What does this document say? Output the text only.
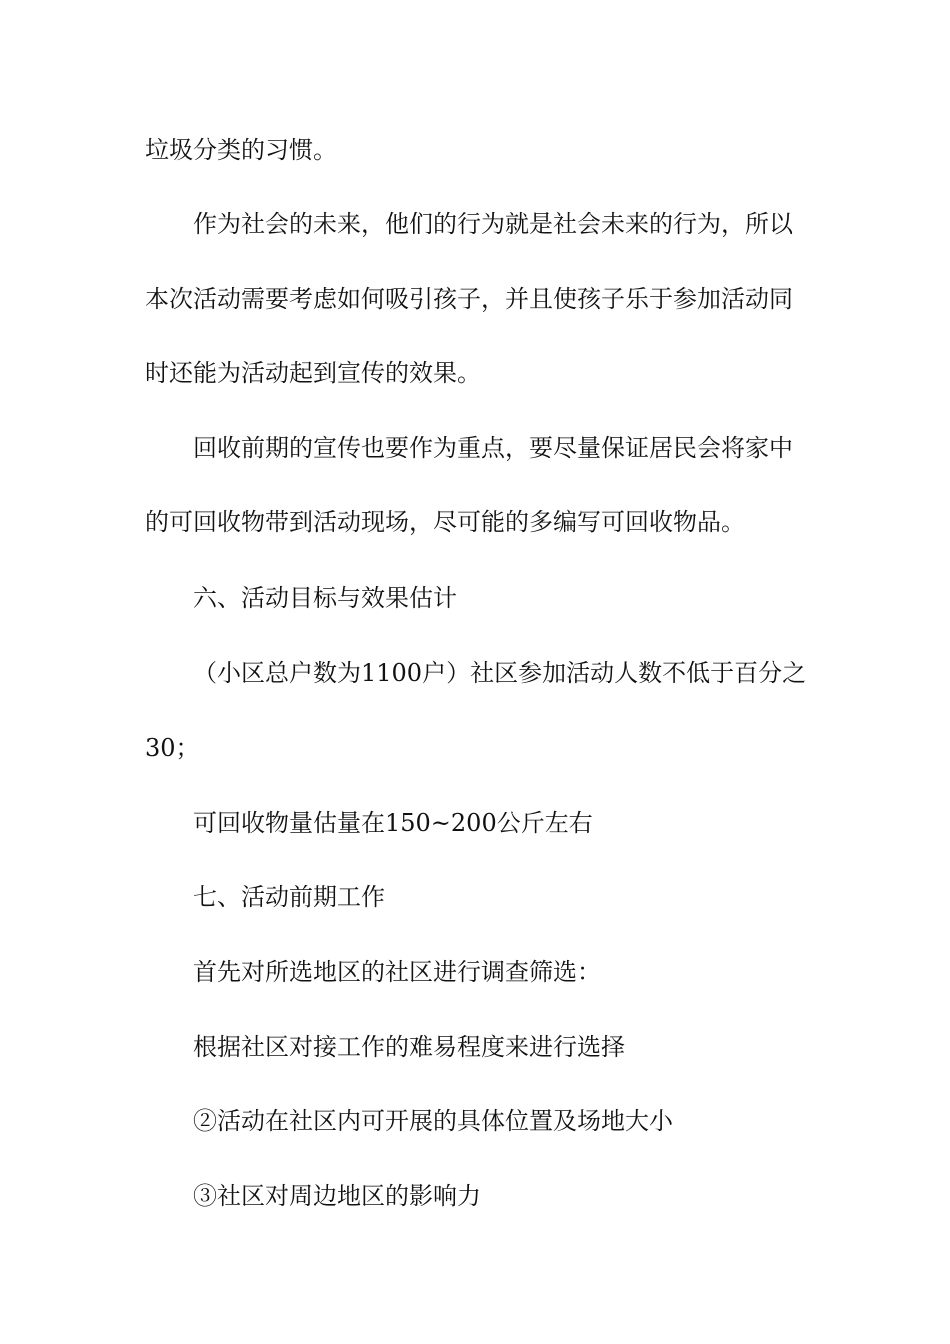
垃圾分类的习惯。

作为社会的未来，他们的行为就是社会未来的行为，所以

本次活动需要考虑如何吸引孩子，并且使孩子乐于参加活动同

时还能为活动起到宣传的效果。

回收前期的宣传也要作为重点，要尽量保证居民会将家中

的可回收物带到活动现场，尽可能的多编写可回收物品。

六、活动目标与效果估计

（小区总户数为1100户）社区参加活动人数不低于百分之

30；

可回收物量估量在150~200公斤左右

七、活动前期工作

首先对所选地区的社区进行调查筛选：

根据社区对接工作的难易程度来进行选择

②活动在社区内可开展的具体位置及场地大小

③社区对周边地区的影响力
